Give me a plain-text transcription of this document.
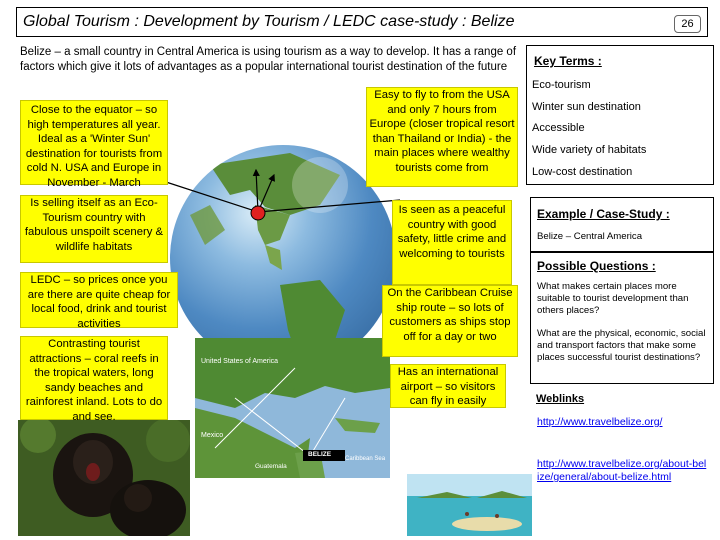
Global Tourism : Development by Tourism / LEDC case-study : Belize	26
Belize – a small country in Central America is using tourism as a way to develop. It has a range of factors which give it lots of advantages as a popular international tourist destination of the future
United States of America
Mexico
BELIZE
Guatemala
Caribbean Sea
Close to the equator – so high temperatures all year. Ideal as a 'Winter Sun' destination for tourists from cold N. USA and Europe in November - March
Is selling itself as an Eco-Tourism country with fabulous unspoilt scenery & wildlife habitats
LEDC – so prices once you are there are quite cheap for local food, drink and tourist activities
Contrasting tourist attractions – coral reefs in the tropical waters, long sandy beaches and rainforest inland. Lots to do and see.
Easy to fly to from the USA and only 7 hours from Europe (closer tropical resort than Thailand or India) - the main places where wealthy tourists come from
Is seen as a peaceful country with good safety, little crime and welcoming to tourists
On the Caribbean Cruise ship route – so lots of customers as ships stop off for a day or two
Has an international airport – so visitors can fly in easily
Key Terms :
Eco-tourism
Winter sun destination
Accessible
Wide variety of habitats
Low-cost destination
Example / Case-Study :
Belize – Central America
Possible Questions :
What makes certain places more suitable to tourist development than others places?
What are the physical, economic, social and transport factors that make some places successful tourist destinations?
Weblinks
http://www.travelbelize.org/
http://www.travelbelize.org/about-belize/general/about-belize.html
